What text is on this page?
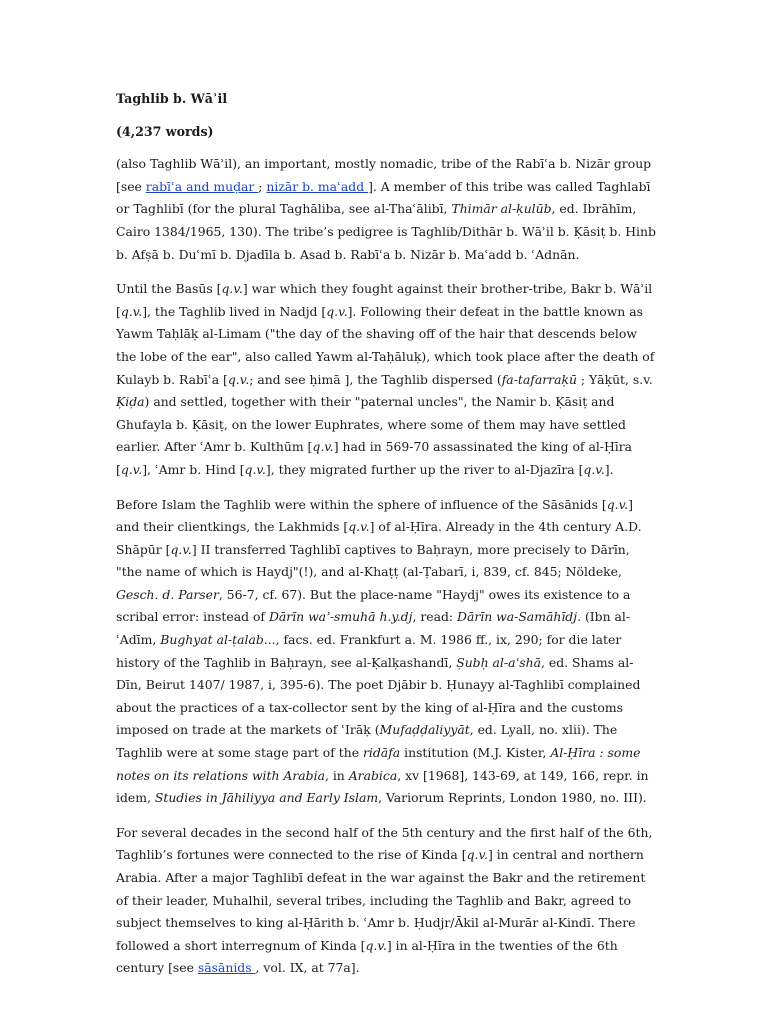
Taghlib b. Wāʾil

(4,237 words)

(also Taghlib Wāʾil), an important, mostly nomadic, tribe of the Rabīʿa b. Nizār group [see rabīʿa and muḍar ; nizār b. maʿadd ]. A member of this tribe was called Taghlabī or Taghlibī (for the plural Taghāliba, see al-Thaʿālibī, Thimār al-ḳulūb, ed. Ibrāhīm, Cairo 1384/1965, 130). The tribe’s pedigree is Taghlib/Dithār b. Wāʾil b. Ḳāsiṭ b. Hinb b. Afṣā b. Duʿmī b. Djadīla b. Asad b. Rabīʿa b. Nizār b. Maʿadd b. ʿAdnān.

Until the Basūs [q.v.] war which they fought against their brother-tribe, Bakr b. Wāʾil [q.v.], the Taghlib lived in Nadjd [q.v.]. Following their defeat in the battle known as Yawm Taḥlāḳ al-Limam ("the day of the shaving off of the hair that descends below the lobe of the ear", also called Yawm al-Taḥāluḳ), which took place after the death of Kulayb b. Rabīʿa [q.v.; and see ḥimā ], the Taghlib dispersed (fa-tafarraḳū ; Yāḳūt, s.v. Ḳiḍa) and settled, together with their "paternal uncles", the Namir b. Ḳāsiṭ and Ghufayla b. Ḳāsiṭ, on the lower Euphrates, where some of them may have settled earlier. After ʿAmr b. Kulthūm [q.v.] had in 569-70 assassinated the king of al-Ḥīra [q.v.], ʿAmr b. Hind [q.v.], they migrated further up the river to al-Djazīra [q.v.].

Before Islam the Taghlib were within the sphere of influence of the Sāsānids [q.v.] and their clientkings, the Lakhmids [q.v.] of al-Ḥīra. Already in the 4th century A.D. Shāpūr [q.v.] II transferred Taghlibī captives to Baḥrayn, more precisely to Dārīn, "the name of which is Haydj"(!), and al-Khaṭṭ (al-Ṭabarī, i, 839, cf. 845; Nöldeke, Gesch. d. Parser, 56-7, cf. 67). But the place-name "Haydj" owes its existence to a scribal error: instead of Dārīn waʾ-smuhā h.y.dj, read: Dārīn wa-Samāhīdj. (Ibn al-ʿAdīm, Bughyat al-ṭalab..., facs. ed. Frankfurt a. M. 1986 ff., ix, 290; for die later history of the Taghlib in Baḥrayn, see al-Ḳalḳashandī, Ṣubḥ al-aʿshā, ed. Shams al-Dīn, Beirut 1407/ 1987, i, 395-6). The poet Djābir b. Ḥunayy al-Taghlibī complained about the practices of a tax-collector sent by the king of al-Ḥīra and the customs imposed on trade at the markets of ʿIrāḳ (Mufaḍḍaliyyāt, ed. Lyall, no. xlii). The Taghlib were at some stage part of the ridāfa institution (M.J. Kister, Al-Ḥīra : some notes on its relations with Arabia, in Arabica, xv [1968], 143-69, at 149, 166, repr. in idem, Studies in Jāhiliyya and Early Islam, Variorum Reprints, London 1980, no. III).

For several decades in the second half of the 5th century and the first half of the 6th, Taghlib’s fortunes were connected to the rise of Kinda [q.v.] in central and northern Arabia. After a major Taghlibī defeat in the war against the Bakr and the retirement of their leader, Muhalhil, several tribes, including the Taghlib and Bakr, agreed to subject themselves to king al-Ḥārith b. ʿAmr b. Ḥudjr/Ākil al-Murār al-Kindī. There followed a short interregnum of Kinda [q.v.] in al-Ḥīra in the twenties of the 6th century [see sāsānids , vol. IX, at 77a].
